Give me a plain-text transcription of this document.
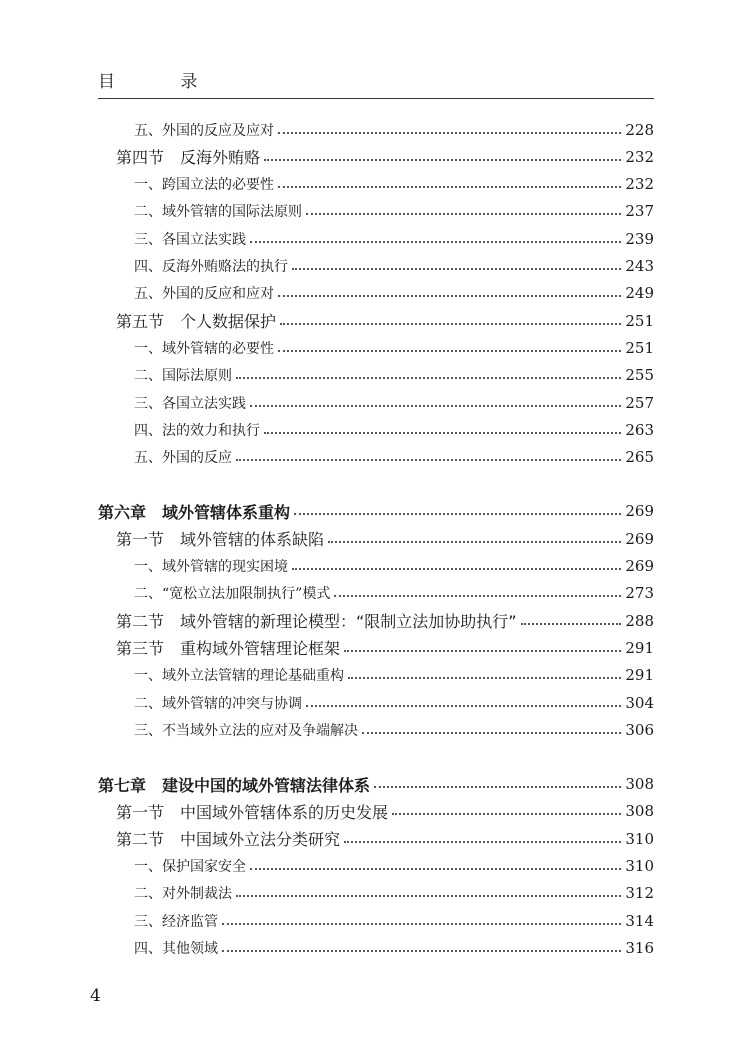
目 录
五、外国的反应及应对	228
第四节　反海外贿赂	232
一、跨国立法的必要性	232
二、域外管辖的国际法原则	237
三、各国立法实践	239
四、反海外贿赂法的执行	243
五、外国的反应和应对	249
第五节　个人数据保护	251
一、域外管辖的必要性	251
二、国际法原则	255
三、各国立法实践	257
四、法的效力和执行	263
五、外国的反应	265
第六章　域外管辖体系重构	269
第一节　域外管辖的体系缺陷	269
一、域外管辖的现实困境	269
二、“宽松立法加限制执行”模式	273
第二节　域外管辖的新理论模型：“限制立法加协助执行”	288
第三节　重构域外管辖理论框架	291
一、域外立法管辖的理论基础重构	291
二、域外管辖的冲突与协调	304
三、不当域外立法的应对及争端解决	306
第七章　建设中国的域外管辖法律体系	308
第一节　中国域外管辖体系的历史发展	308
第二节　中国域外立法分类研究	310
一、保护国家安全	310
二、对外制裁法	312
三、经济监管	314
四、其他领域	316
4
